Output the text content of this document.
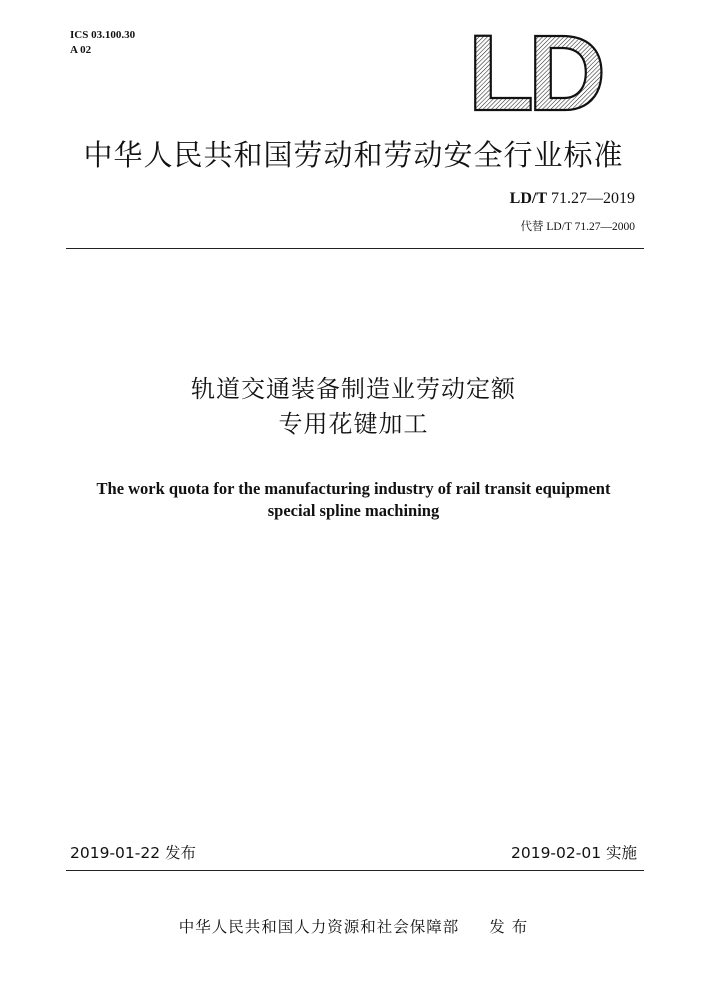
ICS 03.100.30
A 02	LD
中华人民共和国劳动和劳动安全行业标准
LD/T 71.27—2019
代替 LD/T 71.27—2000
轨道交通装备制造业劳动定额
专用花键加工
The work quota for the manufacturing industry of rail transit equipment
special spline machining
2019-01-22 发布	2019-02-01 实施
中华人民共和国人力资源和社会保障部 发 布
